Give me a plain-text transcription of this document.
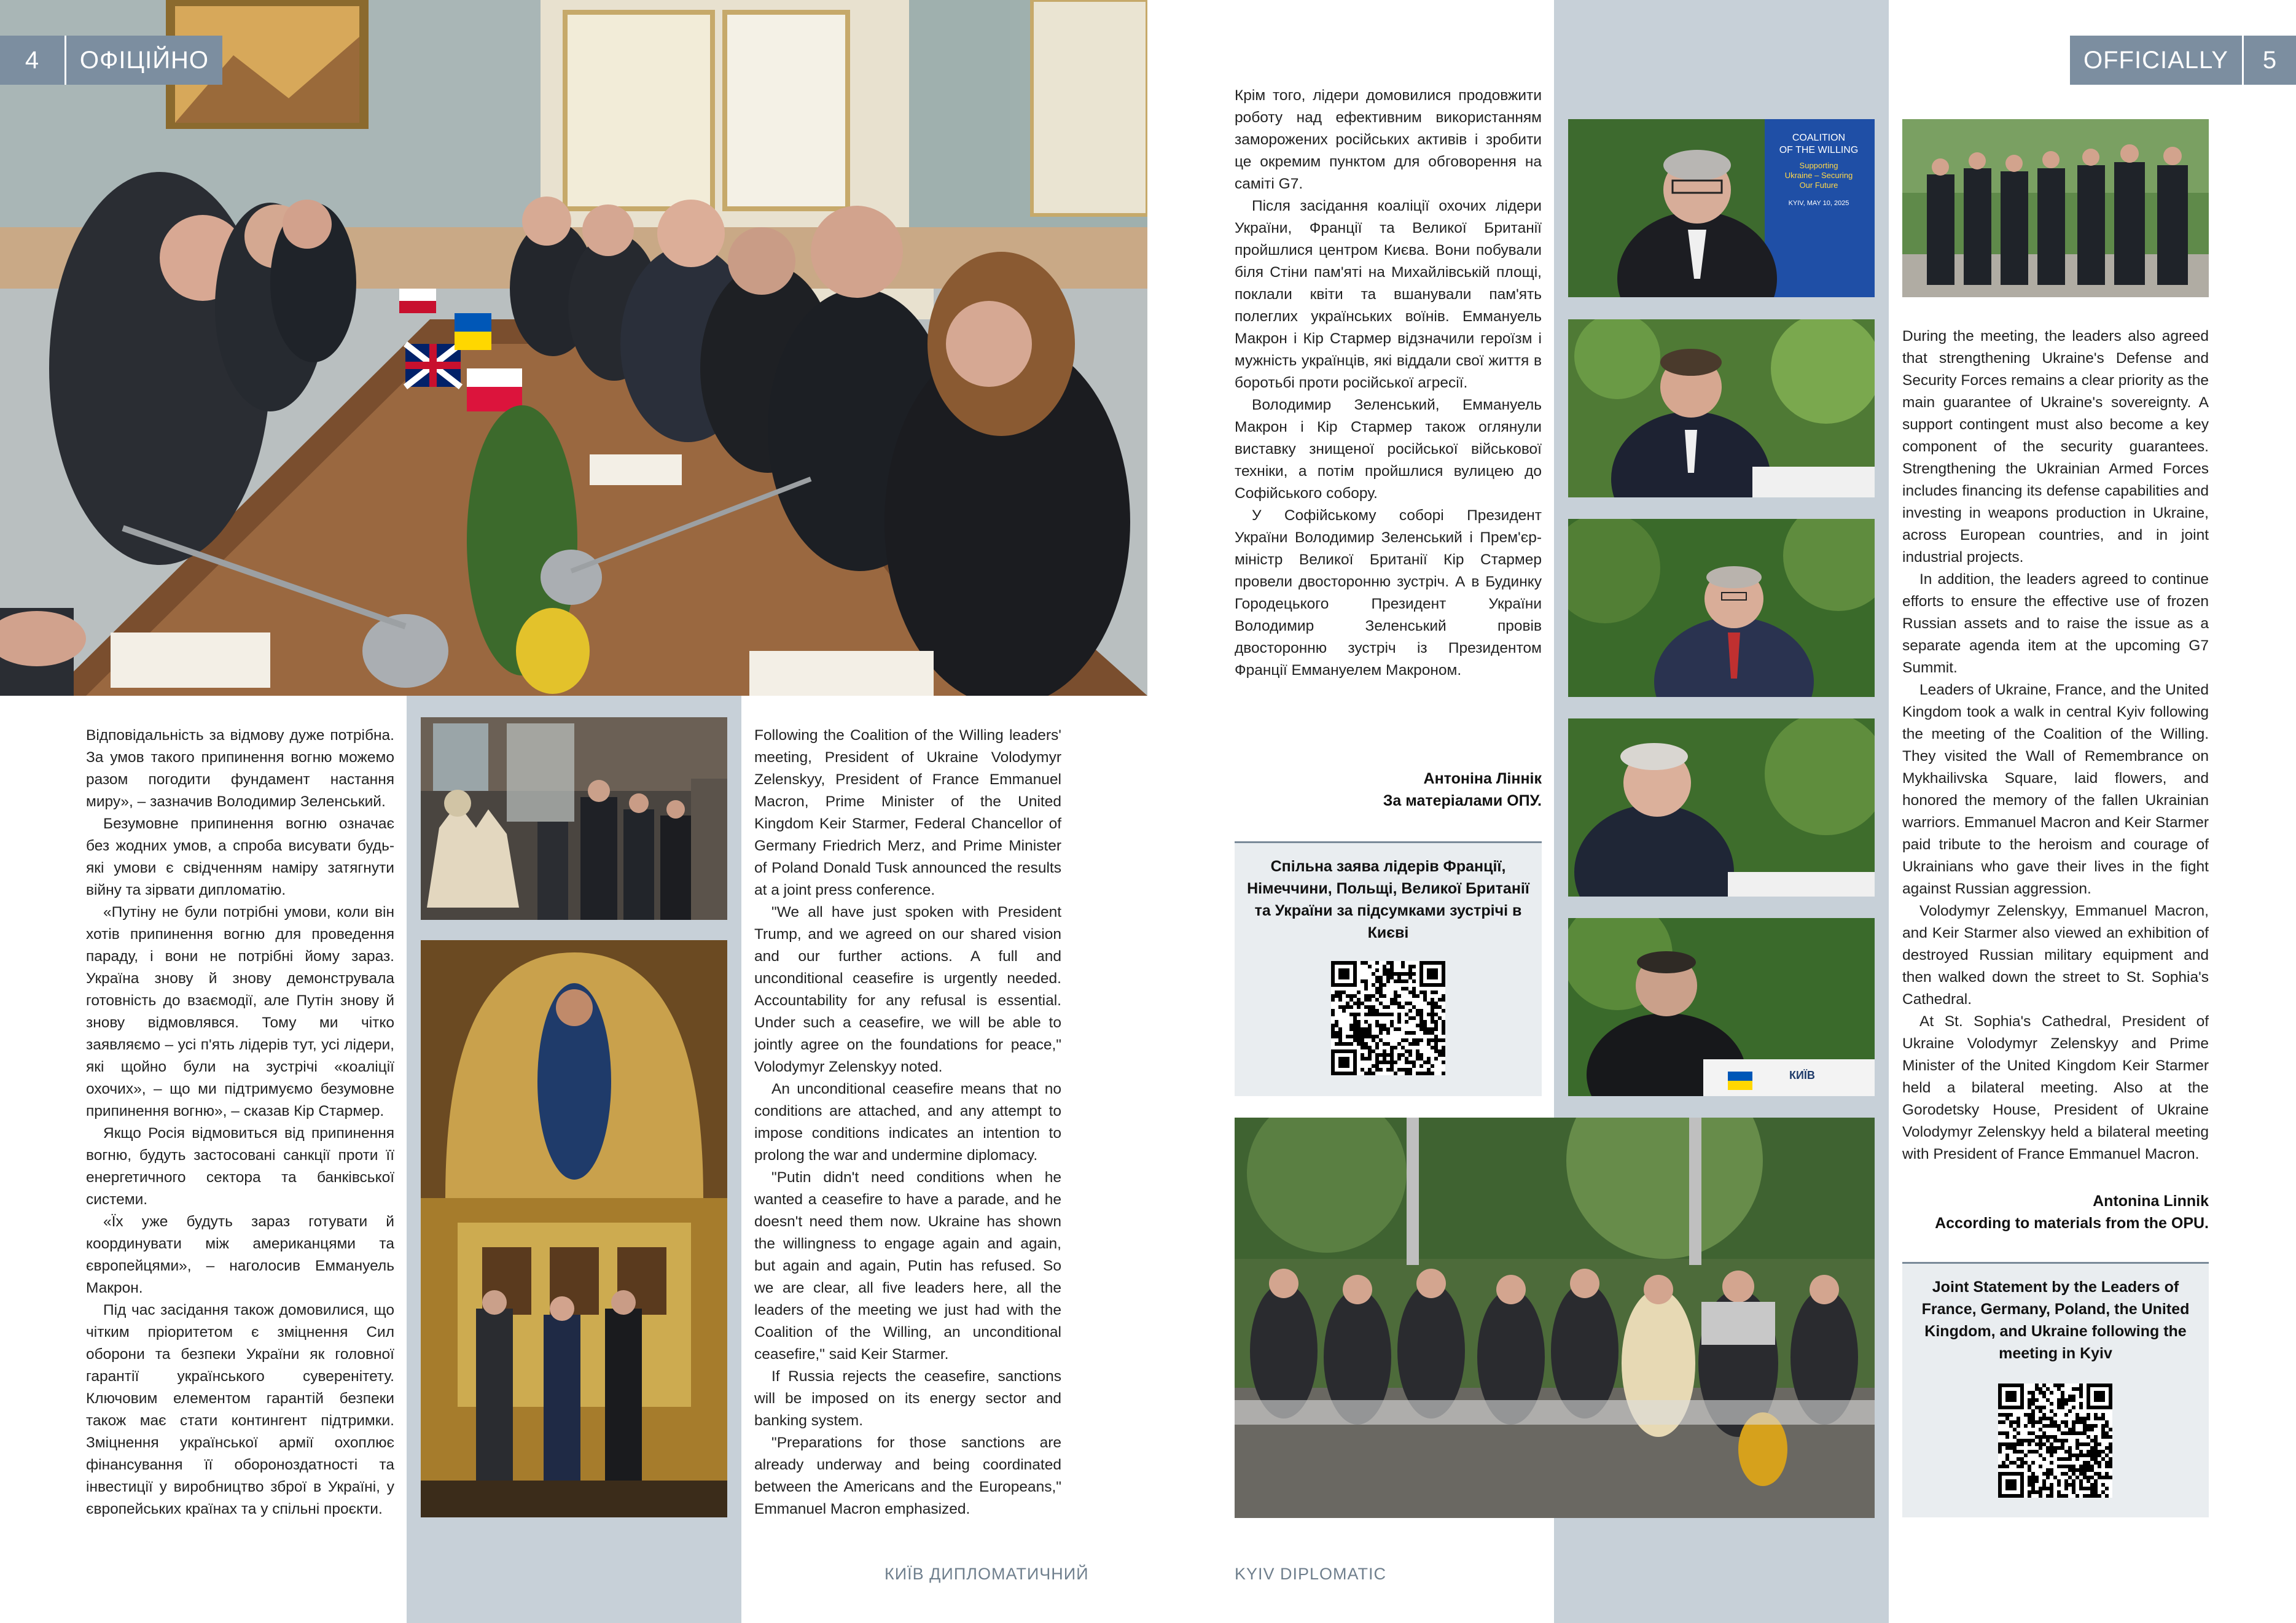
4	ОФІЦІЙНО	5
OFFICIALLY

Відповідальність за відмову дуже потрібна. За умов такого припинення вогню можемо разом погодити фундамент настання миру», – зазначив Володимир Зеленський.

Безумовне припинення вогню означає без жодних умов, а спроба висувати будь-які умови є свідченням наміру затягнути війну та зірвати дипломатію.

«Путіну не були потрібні умови, коли він хотів припинення вогню для проведення параду, і вони не потрібні йому зараз. Україна знову й знову демонструвала готовність до взаємодії, але Путін знову й знову відмовлявся. Тому ми чітко заявляємо – усі п'ять лідерів тут, усі лідери, які щойно були на зустрічі «коаліції охочих», – що ми підтримуємо безумовне припинення вогню», – сказав Кір Стармер.

Якщо Росія відмовиться від припинення вогню, будуть застосовані санкції проти її енергетичного сектора та банківської системи.

«Їх уже будуть зараз готувати й координувати між американцями та європейцями», – наголосив Еммануель Макрон.

Під час засідання також домовилися, що чітким пріоритетом є зміцнення Сил оборони та безпеки України як головної гарантії українського суверенітету. Ключовим елементом гарантій безпеки також має стати контингент підтримки. Зміцнення української армії охоплює фінансування її обороноздатності та інвестиції у виробництво зброї в Україні, у європейських країнах та у спільні проєкти.

Following the Coalition of the Willing leaders' meeting, President of Ukraine Volodymyr Zelenskyy, President of France Emmanuel Macron, Prime Minister of the United Kingdom Keir Starmer, Federal Chancellor of Germany Friedrich Merz, and Prime Minister of Poland Donald Tusk announced the results at a joint press conference.

"We all have just spoken with President Trump, and we agreed on our shared vision and our further actions. A full and unconditional ceasefire is urgently needed. Accountability for any refusal is essential. Under such a ceasefire, we will be able to jointly agree on the foundations for peace," Volodymyr Zelenskyy noted.

An unconditional ceasefire means that no conditions are attached, and any attempt to impose conditions indicates an intention to prolong the war and undermine diplomacy.

"Putin didn't need conditions when he wanted a ceasefire to have a parade, and he doesn't need them now. Ukraine has shown the willingness to engage again and again, but again and again, Putin has refused. So we are clear, all five leaders here, all the leaders of the meeting we just had with the Coalition of the Willing, an unconditional ceasefire," said Keir Starmer.

If Russia rejects the ceasefire, sanctions will be imposed on its energy sector and banking system.

"Preparations for those sanctions are already underway and being coordinated between the Americans and the Europeans," Emmanuel Macron emphasized.

Крім того, лідери домовилися продовжити роботу над ефективним використанням заморожених російських активів і зробити це окремим пунктом для обговорення на саміті G7.

Після засідання коаліції охочих лідери України, Франції та Великої Британії пройшлися центром Києва. Вони побували біля Стіни пам'яті на Михайлівській площі, поклали квіти та вшанували пам'ять полеглих українських воїнів. Еммануель Макрон і Кір Стармер відзначили героїзм і мужність українців, які віддали свої життя в боротьбі проти російської агресії.

Володимир Зеленський, Еммануель Макрон і Кір Стармер також оглянули виставку знищеної російської військової техніки, а потім пройшлися вулицею до Софійського собору.

У Софійському соборі Президент України Володимир Зеленський і Прем'єр-міністр Великої Британії Кір Стармер провели двосторонню зустріч. А в Будинку Городецького Президент України Володимир Зеленський провів двосторонню зустріч із Президентом Франції Еммануелем Макроном.

Антоніна Ліннік
За матеріалами ОПУ.
Спільна заява лідерів Франції, Німеччини, Польщі, Великої Британії та України за підсумками зустрічі в Києві
COALITION
OF THE WILLING
Supporting
Ukraine – Securing
Our Future
KYIV, MAY 10, 2025
КИЇВ

During the meeting, the leaders also agreed that strengthening Ukraine's Defense and Security Forces remains a clear priority as the main guarantee of Ukraine's sovereignty. A support contingent must also become a key component of the security guarantees. Strengthening the Ukrainian Armed Forces includes financing its defense capabilities and investing in weapons production in Ukraine, across European countries, and in joint industrial projects.

In addition, the leaders agreed to continue efforts to ensure the effective use of frozen Russian assets and to raise the issue as a separate agenda item at the upcoming G7 Summit.

Leaders of Ukraine, France, and the United Kingdom took a walk in central Kyiv following the meeting of the Coalition of the Willing. They visited the Wall of Remembrance on Mykhailivska Square, laid flowers, and honored the memory of the fallen Ukrainian warriors. Emmanuel Macron and Keir Starmer paid tribute to the heroism and courage of Ukrainians who gave their lives in the fight against Russian aggression.

Volodymyr Zelenskyy, Emmanuel Macron, and Keir Starmer also viewed an exhibition of destroyed Russian military equipment and then walked down the street to St. Sophia's Cathedral.

At St. Sophia's Cathedral, President of Ukraine Volodymyr Zelenskyy and Prime Minister of the United Kingdom Keir Starmer held a bilateral meeting. Also at the Gorodetsky House, President of Ukraine Volodymyr Zelenskyy held a bilateral meeting with President of France Emmanuel Macron.

Antonina Linnik
According to materials from the OPU.
Joint Statement by the Leaders of France, Germany, Poland, the United Kingdom, and Ukraine following the meeting in Kyiv
КИЇВ ДИПЛОМАТИЧНИЙ	KYIV DIPLOMATIC
